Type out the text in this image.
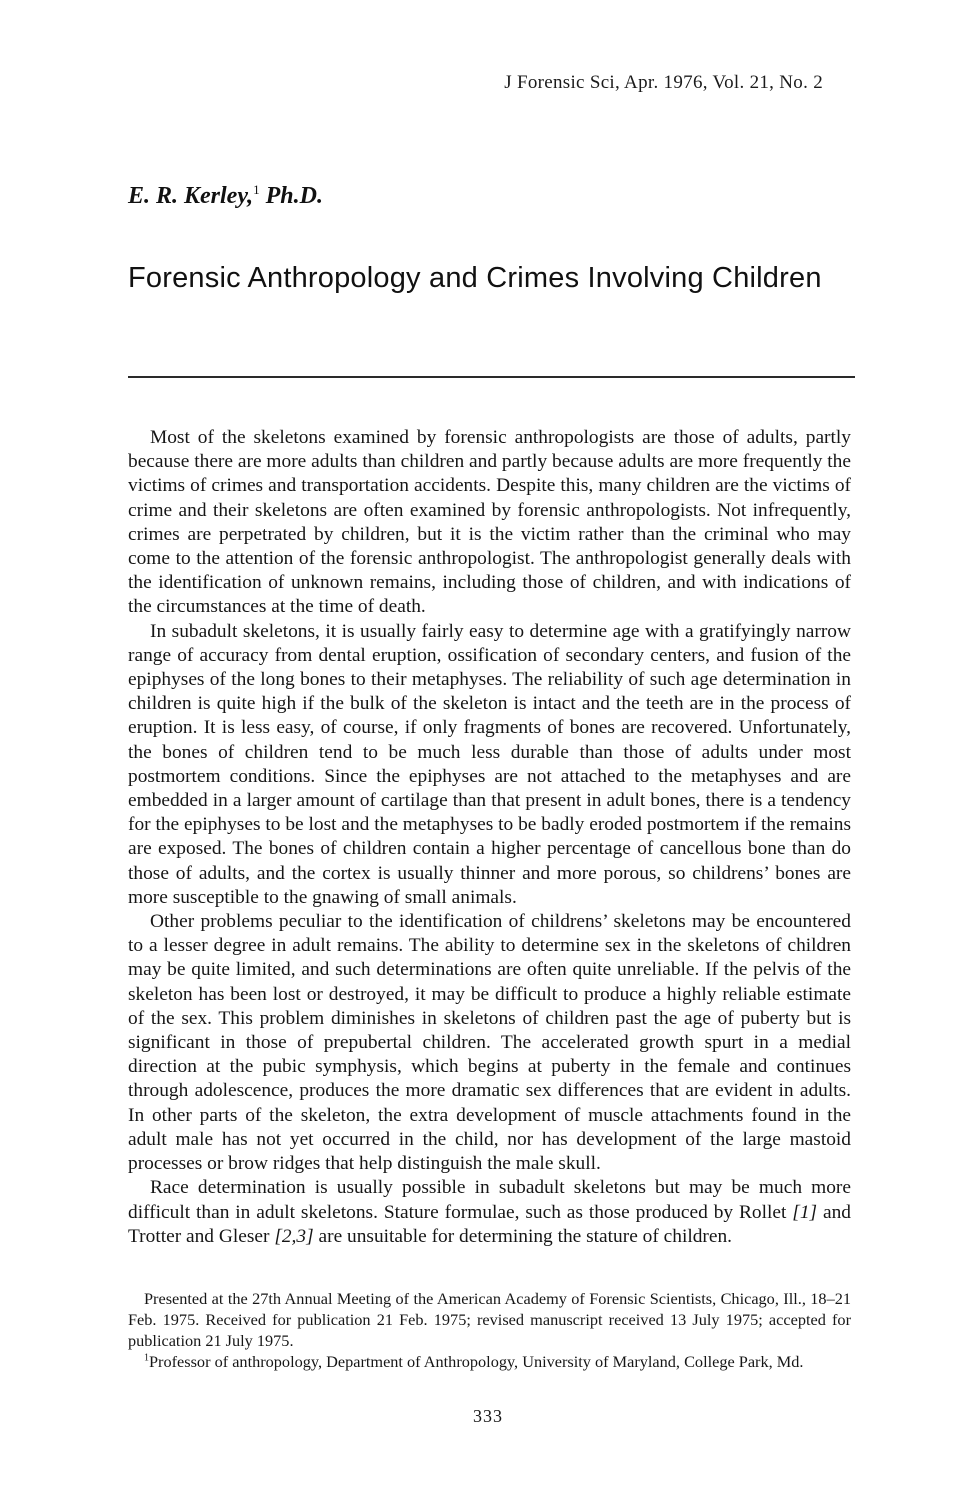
J Forensic Sci, Apr. 1976, Vol. 21, No. 2
E. R. Kerley,$^1$ Ph.D.
Forensic Anthropology and Crimes Involving Children

Most of the skeletons examined by forensic anthropologists are those of adults, partly because there are more adults than children and partly because adults are more frequently the victims of crimes and transportation accidents. Despite this, many children are the victims of crime and their skeletons are often examined by forensic anthropologists. Not infrequently, crimes are perpetrated by children, but it is the victim rather than the criminal who may come to the attention of the forensic anthropologist. The anthropologist generally deals with the identification of unknown remains, including those of children, and with indications of the circumstances at the time of death.

In subadult skeletons, it is usually fairly easy to determine age with a gratifyingly narrow range of accuracy from dental eruption, ossification of secondary centers, and fusion of the epiphyses of the long bones to their metaphyses. The reliability of such age determination in children is quite high if the bulk of the skeleton is intact and the teeth are in the process of eruption. It is less easy, of course, if only fragments of bones are recovered. Unfortunately, the bones of children tend to be much less durable than those of adults under most postmortem conditions. Since the epiphyses are not attached to the metaphyses and are embedded in a larger amount of cartilage than that present in adult bones, there is a tendency for the epiphyses to be lost and the metaphyses to be badly eroded postmortem if the remains are exposed. The bones of children contain a higher percentage of cancellous bone than do those of adults, and the cortex is usually thinner and more porous, so childrens’ bones are more susceptible to the gnawing of small animals.

Other problems peculiar to the identification of childrens’ skeletons may be encountered to a lesser degree in adult remains. The ability to determine sex in the skeletons of children may be quite limited, and such determinations are often quite unreliable. If the pelvis of the skeleton has been lost or destroyed, it may be difficult to produce a highly reliable estimate of the sex. This problem diminishes in skeletons of children past the age of puberty but is significant in those of prepubertal children. The accelerated growth spurt in a medial direction at the pubic symphysis, which begins at puberty in the female and continues through adolescence, produces the more dramatic sex differences that are evident in adults. In other parts of the skeleton, the extra development of muscle attachments found in the adult male has not yet occurred in the child, nor has development of the large mastoid processes or brow ridges that help distinguish the male skull.

Race determination is usually possible in subadult skeletons but may be much more difficult than in adult skeletons. Stature formulae, such as those produced by Rollet [1] and Trotter and Gleser [2,3] are unsuitable for determining the stature of children.

Presented at the 27th Annual Meeting of the American Academy of Forensic Scientists, Chicago, Ill., 18–21 Feb. 1975. Received for publication 21 Feb. 1975; revised manuscript received 13 July 1975; accepted for publication 21 July 1975.

$^1$Professor of anthropology, Department of Anthropology, University of Maryland, College Park, Md.

333
